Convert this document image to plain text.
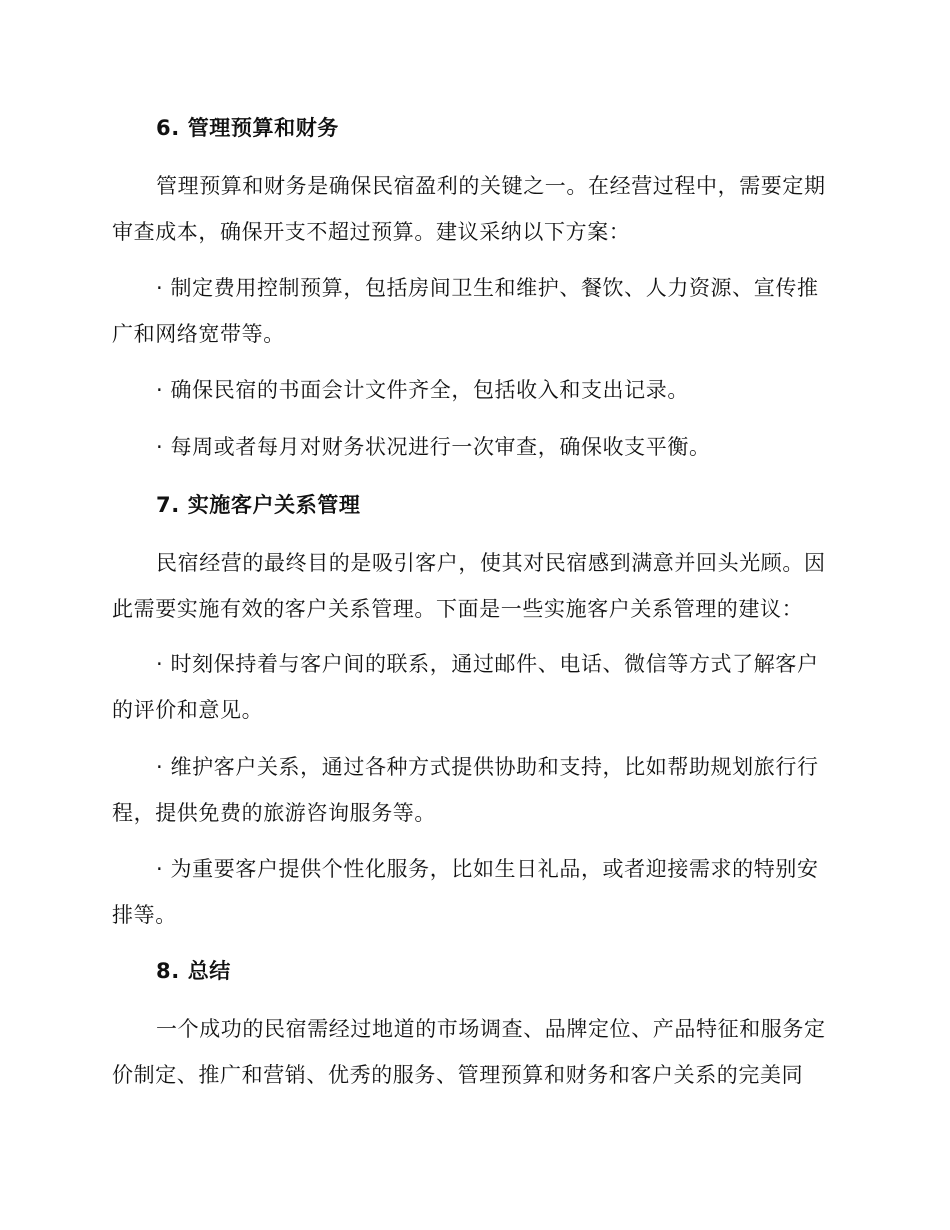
6. 管理预算和财务
管理预算和财务是确保民宿盈利的关键之一。在经营过程中，需要定期
审查成本，确保开支不超过预算。建议采纳以下方案：
· 制定费用控制预算，包括房间卫生和维护、餐饮、人力资源、宣传推
广和网络宽带等。
· 确保民宿的书面会计文件齐全，包括收入和支出记录。
· 每周或者每月对财务状况进行一次审查，确保收支平衡。
7. 实施客户关系管理
民宿经营的最终目的是吸引客户，使其对民宿感到满意并回头光顾。因
此需要实施有效的客户关系管理。下面是一些实施客户关系管理的建议：
· 时刻保持着与客户间的联系，通过邮件、电话、微信等方式了解客户
的评价和意见。
· 维护客户关系，通过各种方式提供协助和支持，比如帮助规划旅行行
程，提供免费的旅游咨询服务等。
· 为重要客户提供个性化服务，比如生日礼品，或者迎接需求的特别安
排等。
8. 总结
一个成功的民宿需经过地道的市场调查、品牌定位、产品特征和服务定
价制定、推广和营销、优秀的服务、管理预算和财务和客户关系的完美同
